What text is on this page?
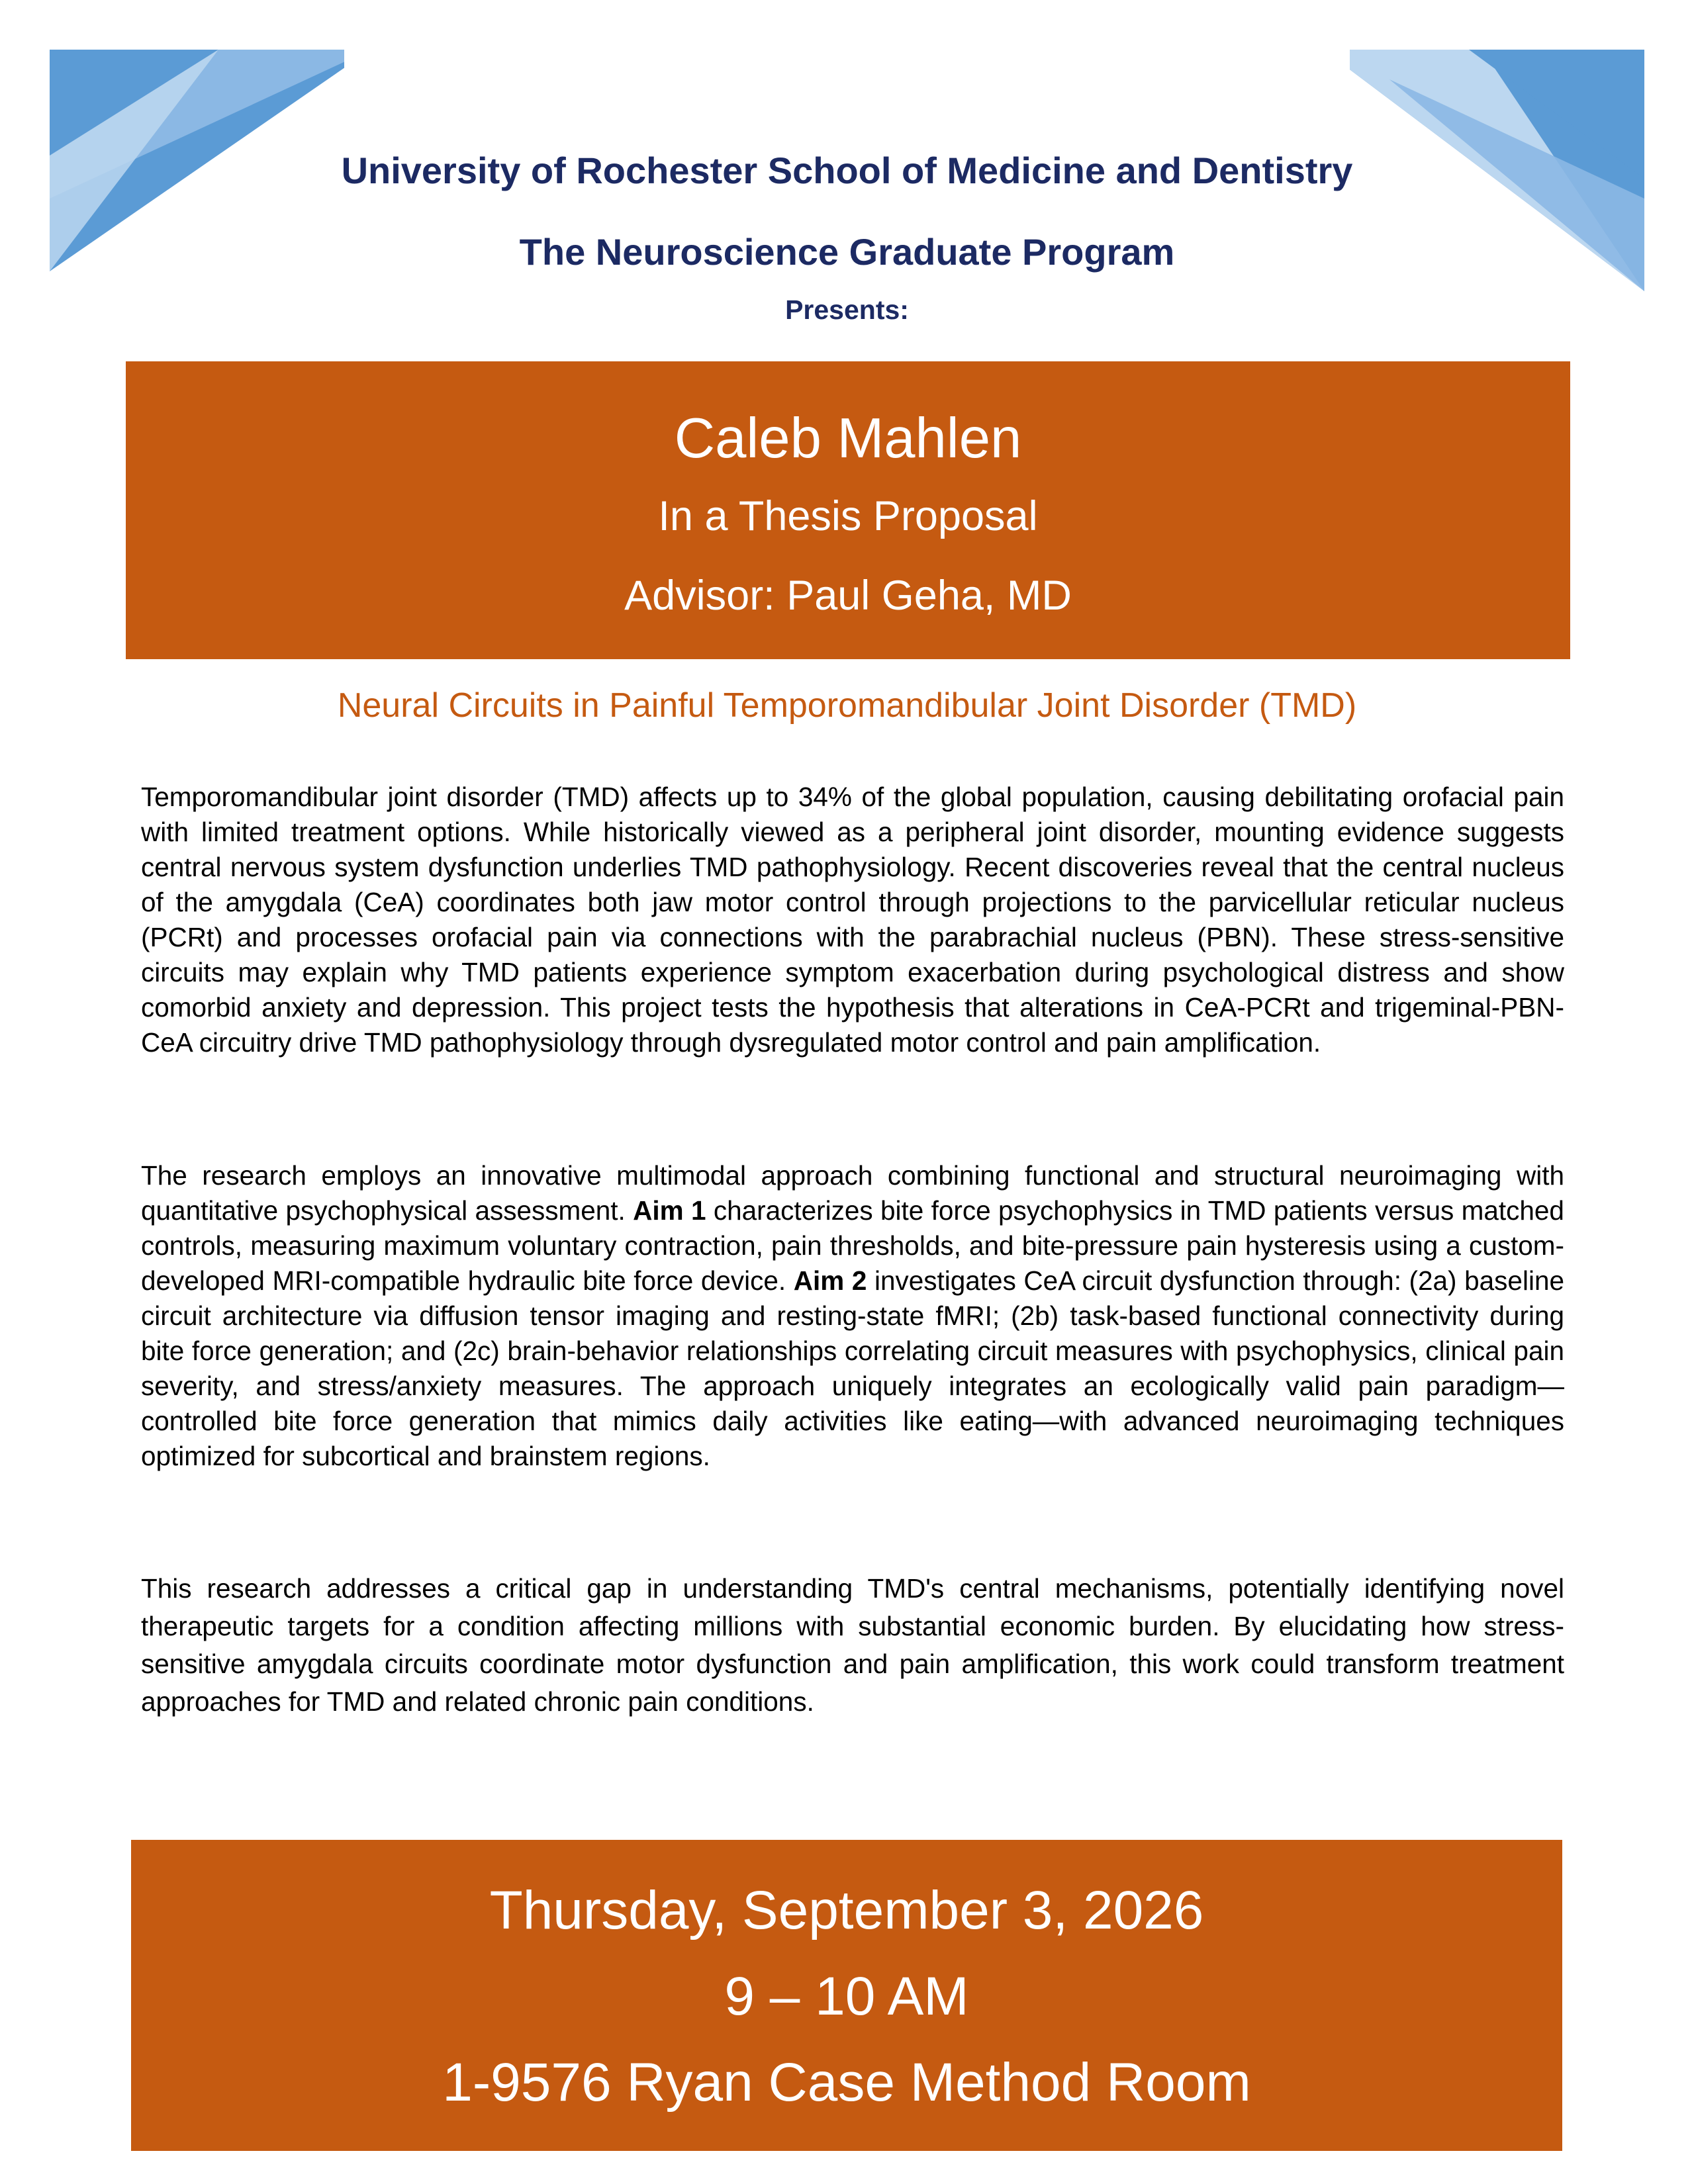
University of Rochester School of Medicine and Dentistry

The Neuroscience Graduate Program

Presents:

Caleb Mahlen

In a Thesis Proposal

Advisor: Paul Geha, MD

Neural Circuits in Painful Temporomandibular Joint Disorder (TMD)

Temporomandibular joint disorder (TMD) affects up to 34% of the global population, causing debilitating orofacial pain with limited treatment options. While historically viewed as a peripheral joint disorder, mounting evidence suggests central nervous system dysfunction underlies TMD pathophysiology. Recent discoveries reveal that the central nucleus of the amygdala (CeA) coordinates both jaw motor control through projections to the parvicellular reticular nucleus (PCRt) and processes orofacial pain via connections with the parabrachial nucleus (PBN). These stress-sensitive circuits may explain why TMD patients experience symptom exacerbation during psychological distress and show comorbid anxiety and depression. This project tests the hypothesis that alterations in CeA-PCRt and trigeminal-PBN-CeA circuitry drive TMD pathophysiology through dysregulated motor control and pain amplification.

The research employs an innovative multimodal approach combining functional and structural neuroimaging with quantitative psychophysical assessment. Aim 1 characterizes bite force psychophysics in TMD patients versus matched controls, measuring maximum voluntary contraction, pain thresholds, and bite-pressure pain hysteresis using a custom-developed MRI-compatible hydraulic bite force device. Aim 2 investigates CeA circuit dysfunction through: (2a) baseline circuit architecture via diffusion tensor imaging and resting-state fMRI; (2b) task-based functional connectivity during bite force generation; and (2c) brain-behavior relationships correlating circuit measures with psychophysics, clinical pain severity, and stress/anxiety measures. The approach uniquely integrates an ecologically valid pain paradigm—controlled bite force generation that mimics daily activities like eating—with advanced neuroimaging techniques optimized for subcortical and brainstem regions.

This research addresses a critical gap in understanding TMD's central mechanisms, potentially identifying novel therapeutic targets for a condition affecting millions with substantial economic burden. By elucidating how stress-sensitive amygdala circuits coordinate motor dysfunction and pain amplification, this work could transform treatment approaches for TMD and related chronic pain conditions.

Thursday, September 3, 2026

9 – 10 AM

1-9576 Ryan Case Method Room
